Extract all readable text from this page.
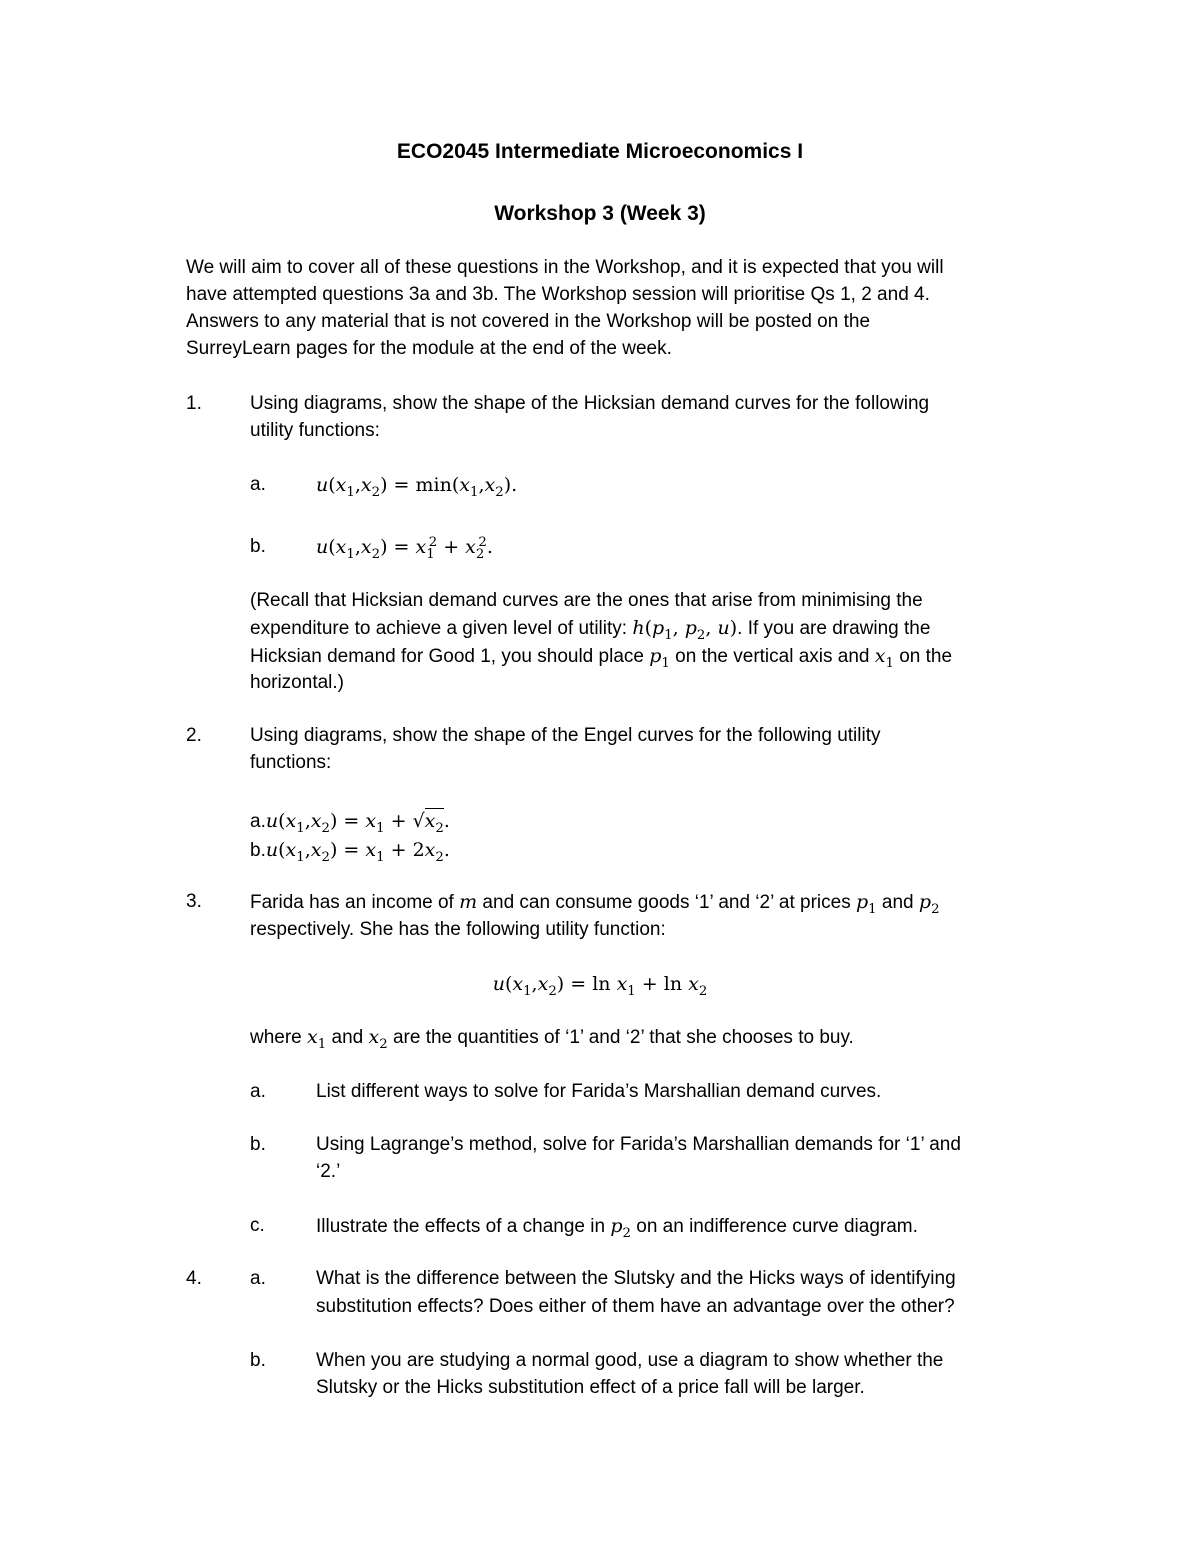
ECO2045 Intermediate Microeconomics I
Workshop 3 (Week 3)

We will aim to cover all of these questions in the Workshop, and it is expected that you will

have attempted questions 3a and 3b. The Workshop session will prioritise Qs 1, 2 and 4.

Answers to any material that is not covered in the Workshop will be posted on the

SurreyLearn pages for the module at the end of the week.

1.	Using diagrams, show the shape of the Hicksian demand curves for the following

utility functions:

a.	$u(x_1,x_2) = \min(x_1,x_2)$.
b.	$u(x_1,x_2) = x_1^2 + x_2^2$.

(Recall that Hicksian demand curves are the ones that arise from minimising the

expenditure to achieve a given level of utility: $h(p_1$, $p_2$, u). If you are drawing the

Hicksian demand for Good 1, you should place $p_1$ on the vertical axis and $x_1$ on the

horizontal.)

2.	Using diagrams, show the shape of the Engel curves for the following utility

functions:

$a.u(x_1,x_2) = x_1 + √x_2$.

$b.u(x_1,x_2) = x_1 + 2x_2$.

3.	Farida has an income of m and can consume goods ‘1’ and ‘2’ at prices $p_1$ and $p_2$

respectively. She has the following utility function:

$u(x_1,x_2) = \ln x_1 + \ln x_2$

where $x_1$ and $x_2$ are the quantities of ‘1’ and ‘2’ that she chooses to buy.

a.	List different ways to solve for Farida’s Marshallian demand curves.

b.	Using Lagrange’s method, solve for Farida’s Marshallian demands for ‘1’ and

‘2.’

c.	Illustrate the effects of a change in $p_2$ on an indifference curve diagram.

4.	a.	What is the difference between the Slutsky and the Hicks ways of identifying

substitution effects? Does either of them have an advantage over the other?

b.	When you are studying a normal good, use a diagram to show whether the

Slutsky or the Hicks substitution effect of a price fall will be larger.
